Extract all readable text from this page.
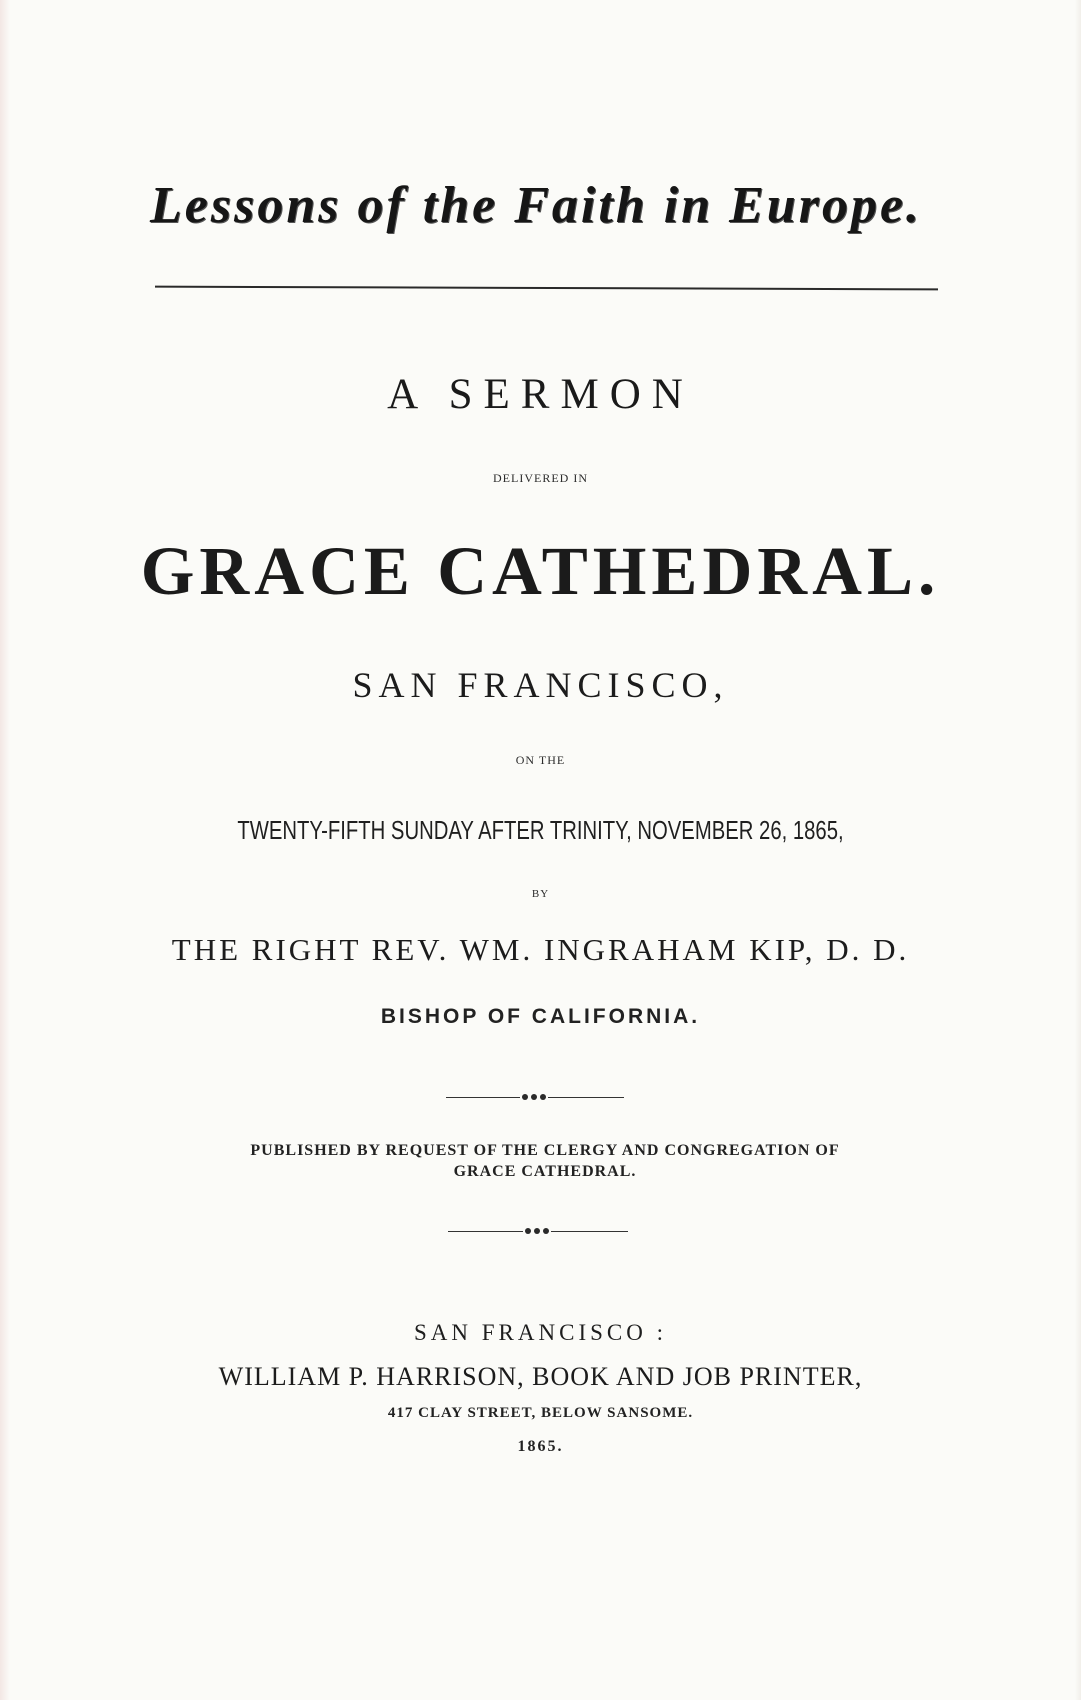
Lessons of the Faith in Europe.

A SERMON

DELIVERED IN

GRACE CATHEDRAL.

SAN FRANCISCO,

ON THE

TWENTY-FIFTH SUNDAY AFTER TRINITY, NOVEMBER 26, 1865,

BY

THE RIGHT REV. WM. INGRAHAM KIP, D. D.

BISHOP OF CALIFORNIA.

PUBLISHED BY REQUEST OF THE CLERGY AND CONGREGATION OF
GRACE CATHEDRAL.

SAN FRANCISCO :

WILLIAM P. HARRISON, BOOK AND JOB PRINTER,

417 CLAY STREET, BELOW SANSOME.

1865.
